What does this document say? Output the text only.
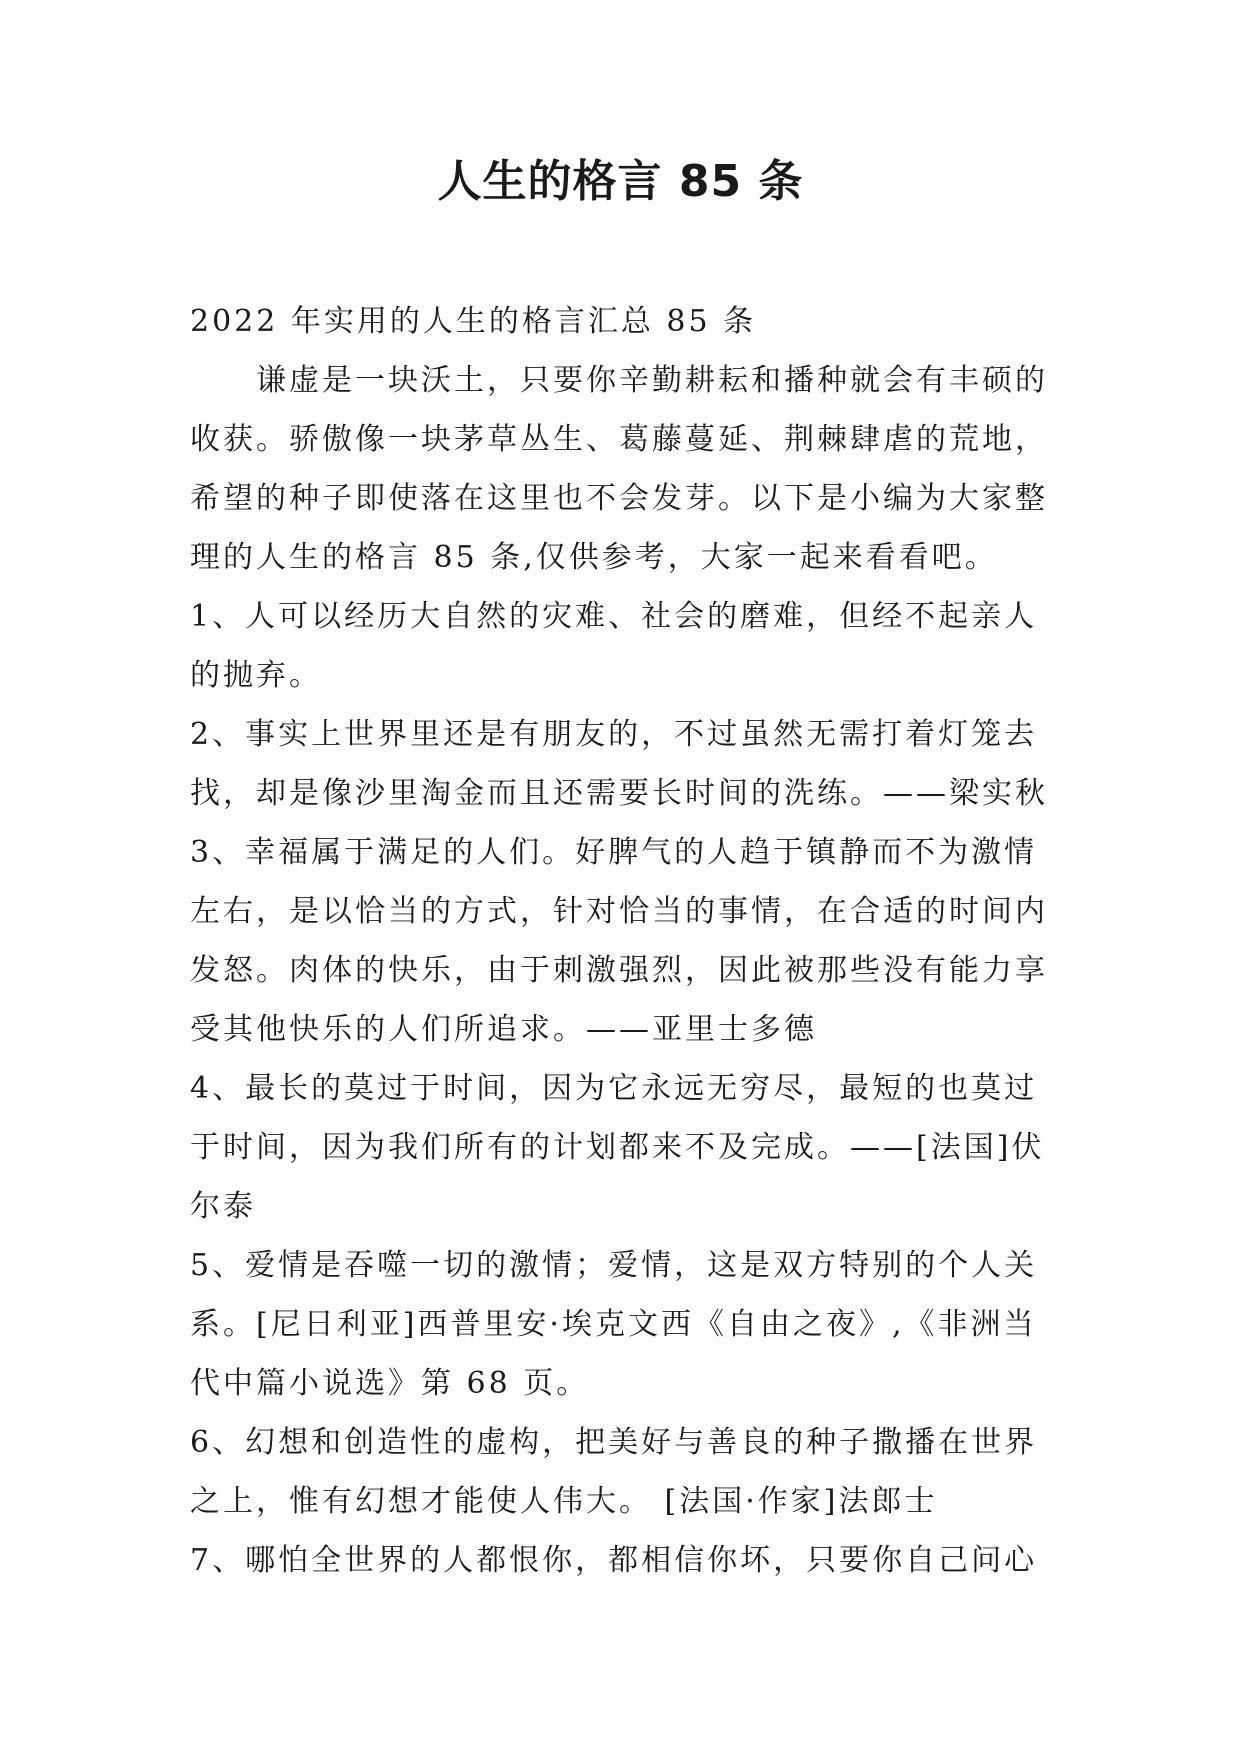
人生的格言 85 条

2022 年实用的人生的格言汇总 85 条

谦虚是一块沃土，只要你辛勤耕耘和播种就会有丰硕的收获。骄傲像一块茅草丛生、葛藤蔓延、荆棘肆虐的荒地，希望的种子即使落在这里也不会发芽。以下是小编为大家整理的人生的格言 85 条,仅供参考，大家一起来看看吧。

1、人可以经历大自然的灾难、社会的磨难，但经不起亲人的抛弃。

2、事实上世界里还是有朋友的，不过虽然无需打着灯笼去找，却是像沙里淘金而且还需要长时间的洗练。——梁实秋

3、幸福属于满足的人们。好脾气的人趋于镇静而不为激情左右，是以恰当的方式，针对恰当的事情，在合适的时间内发怒。肉体的快乐，由于刺激强烈，因此被那些没有能力享受其他快乐的人们所追求。——亚里士多德

4、最长的莫过于时间，因为它永远无穷尽，最短的也莫过于时间，因为我们所有的计划都来不及完成。——[法国]伏尔泰

5、爱情是吞噬一切的激情；爱情，这是双方特别的个人关系。[尼日利亚]西普里安·埃克文西《自由之夜》,《非洲当代中篇小说选》第 68 页。

6、幻想和创造性的虚构，把美好与善良的种子撒播在世界之上，惟有幻想才能使人伟大。 [法国·作家]法郎士

7、哪怕全世界的人都恨你，都相信你坏，只要你自己问心
